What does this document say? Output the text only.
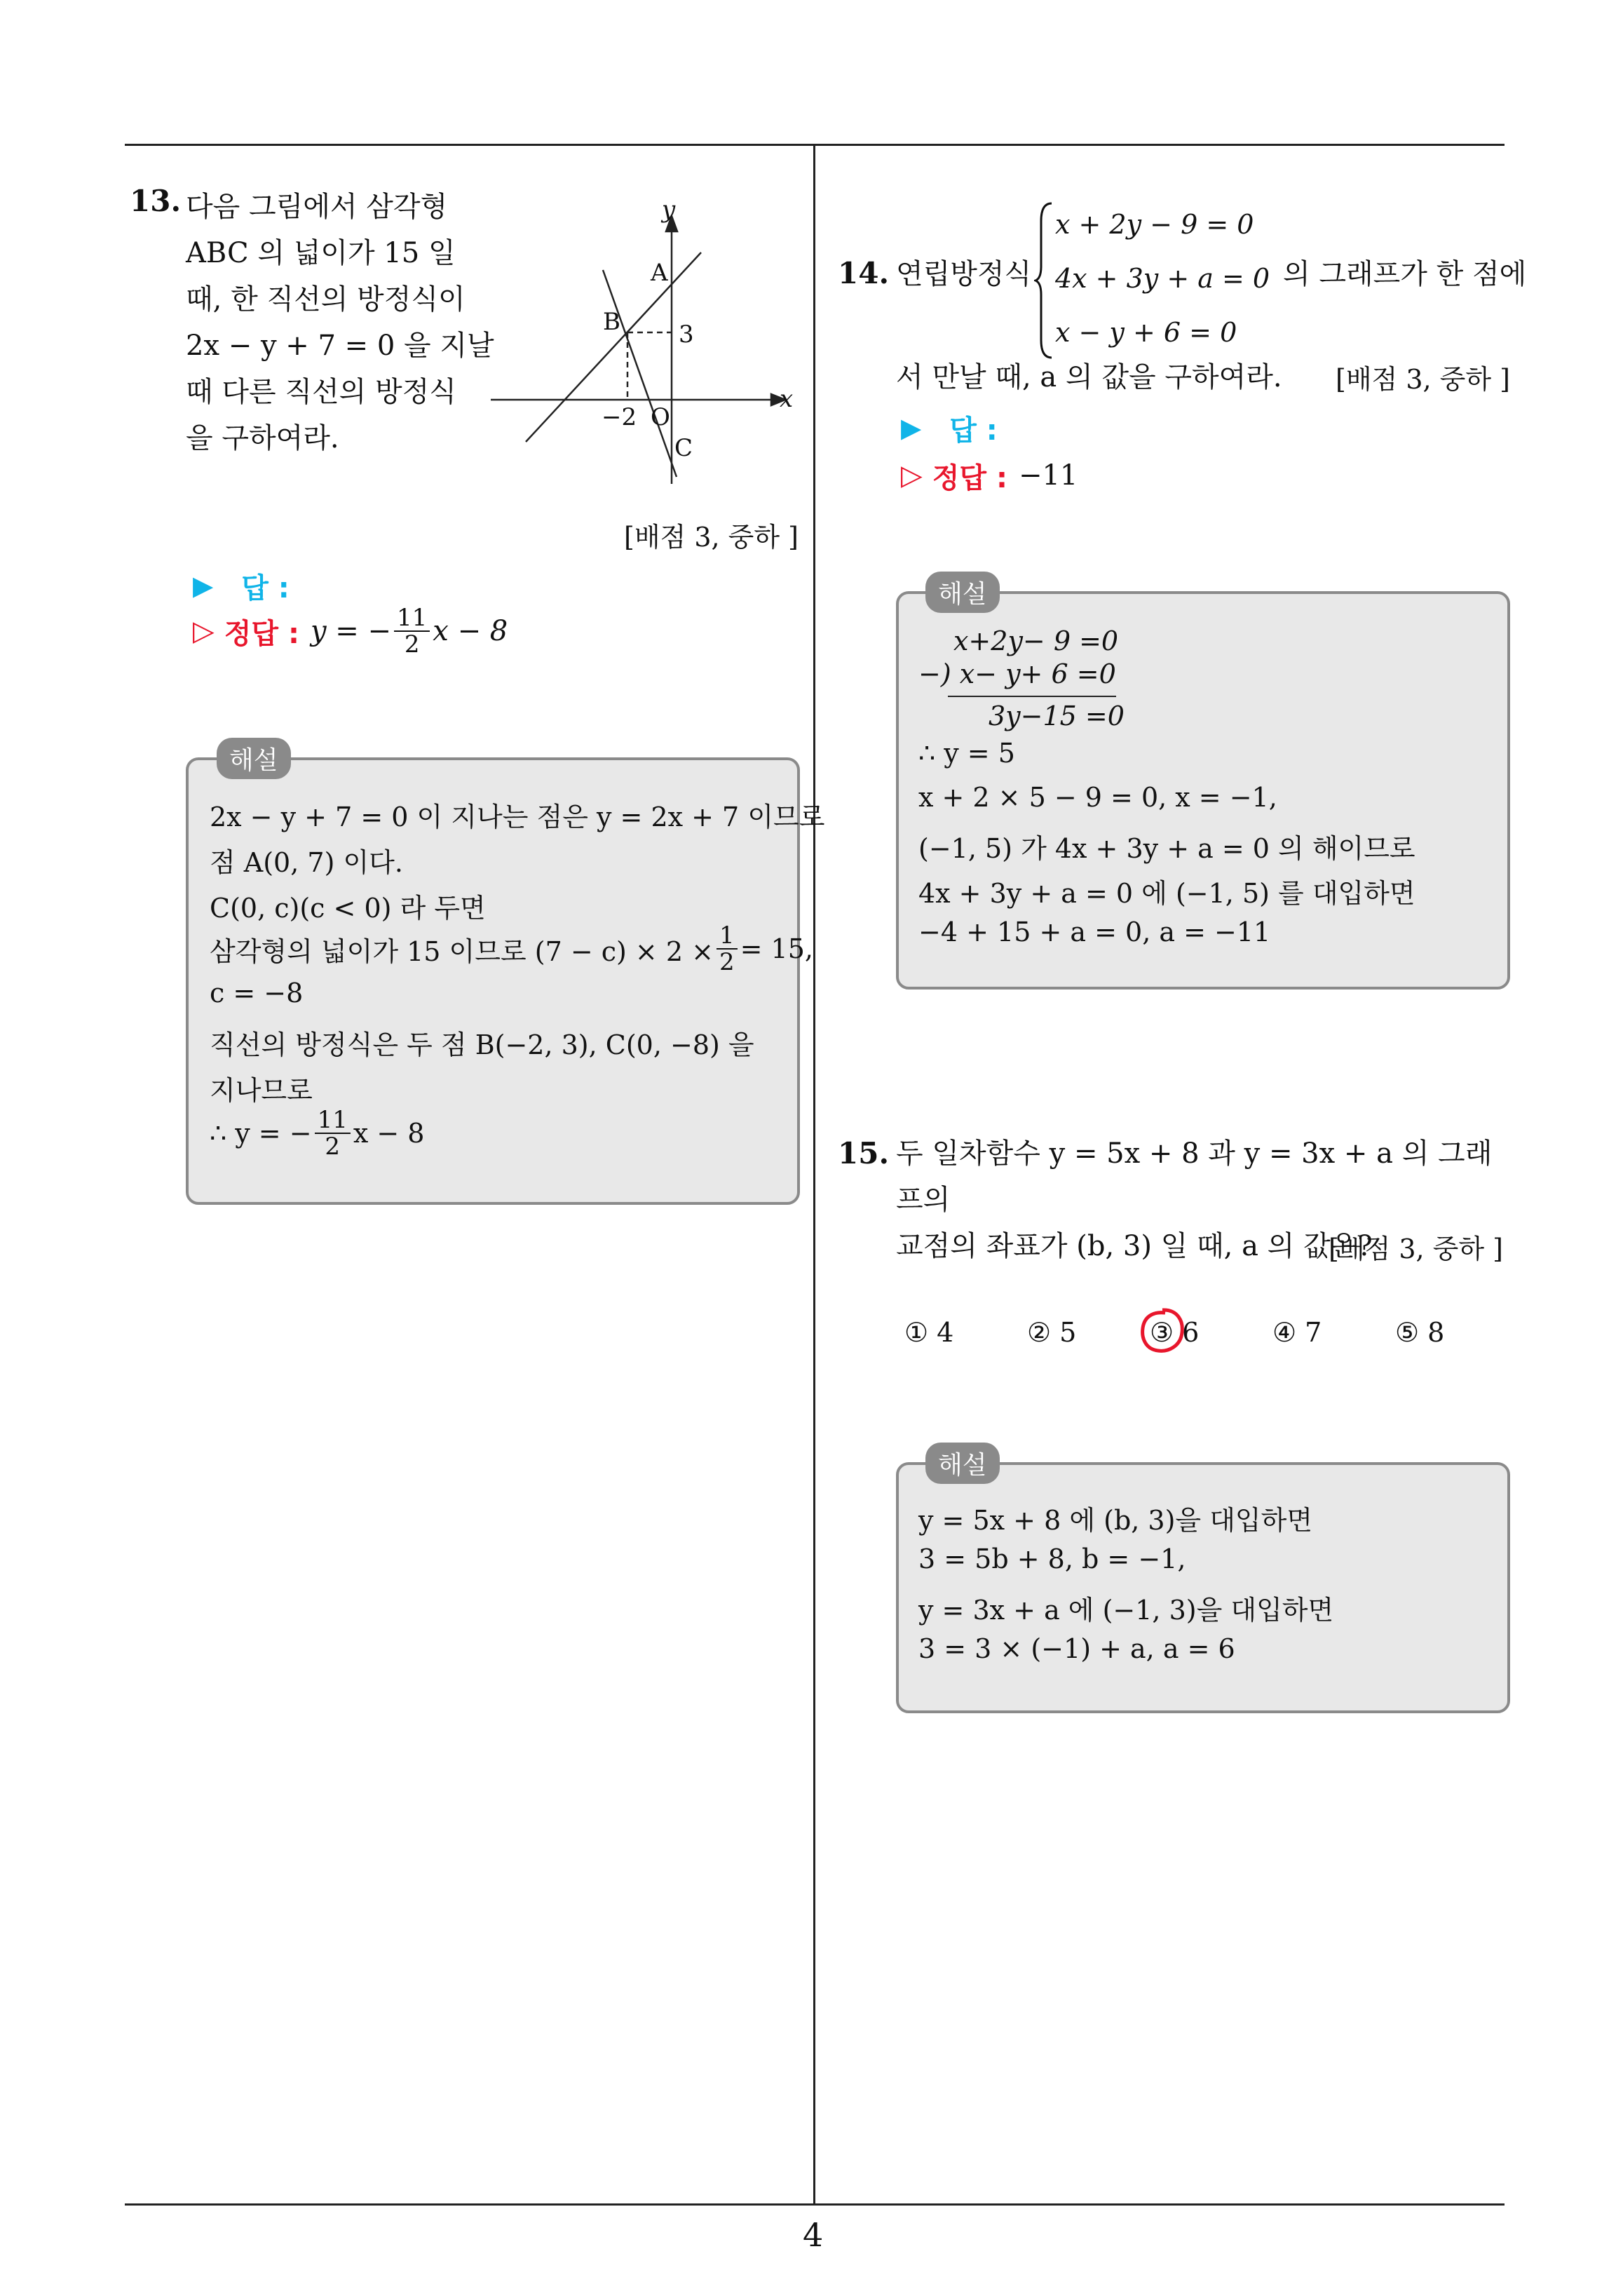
13. 다음 그림에서 삼각형
ABC 의 넓이가 15 일
때, 한 직선의 방정식이
2x − y + 7 = 0 을 지날
때 다른 직선의 방정식
을 구하여라.
A
B
C
O
3
−2
x
y
[배점 3, 중하 ]
▶ 답 :
▷ 정답 : y = − $\frac{11}{2}$ x − 8
해설
2x − y + 7 = 0 이 지나는 점은 y = 2x + 7 이므로
점 A(0, 7) 이다.
C(0, c)(c < 0) 라 두면
삼각형의 넓이가 15 이므로 $(7 - c) \times 2 \times \frac{1}{2} = 15$,
c = −8
직선의 방정식은 두 점 B(−2, 3), C(0, −8) 을
지나므로
∴ y = − $\frac{11}{2}$ x − 8
14. 연립방정식
x + 2y − 9 = 0
4x + 3y + a = 0
x − y + 6 = 0
의 그래프가 한 점에
서 만날 때, a 의 값을 구하여라. [배점 3, 중하 ]
▶ 답 :
▷ 정답 : −11
해설
x+2y− 9 =0
−) x− y+ 6 =0
3y−15 =0
∴ y = 5
x + 2 × 5 − 9 = 0, x = −1,
(−1, 5) 가 4x + 3y + a = 0 의 해이므로
4x + 3y + a = 0 에 (−1, 5) 를 대입하면
−4 + 15 + a = 0, a = −11
15. 두 일차함수 y = 5x + 8 과 y = 3x + a 의 그래프의
교점의 좌표가 (b, 3) 일 때, a 의 값은?
[배점 3, 중하 ]
① 4	② 5	③ 6	④ 7	⑤ 8
해설
y = 5x + 8 에 (b, 3)을 대입하면
3 = 5b + 8, b = −1,
y = 3x + a 에 (−1, 3)을 대입하면
3 = 3 × (−1) + a, a = 6
4
